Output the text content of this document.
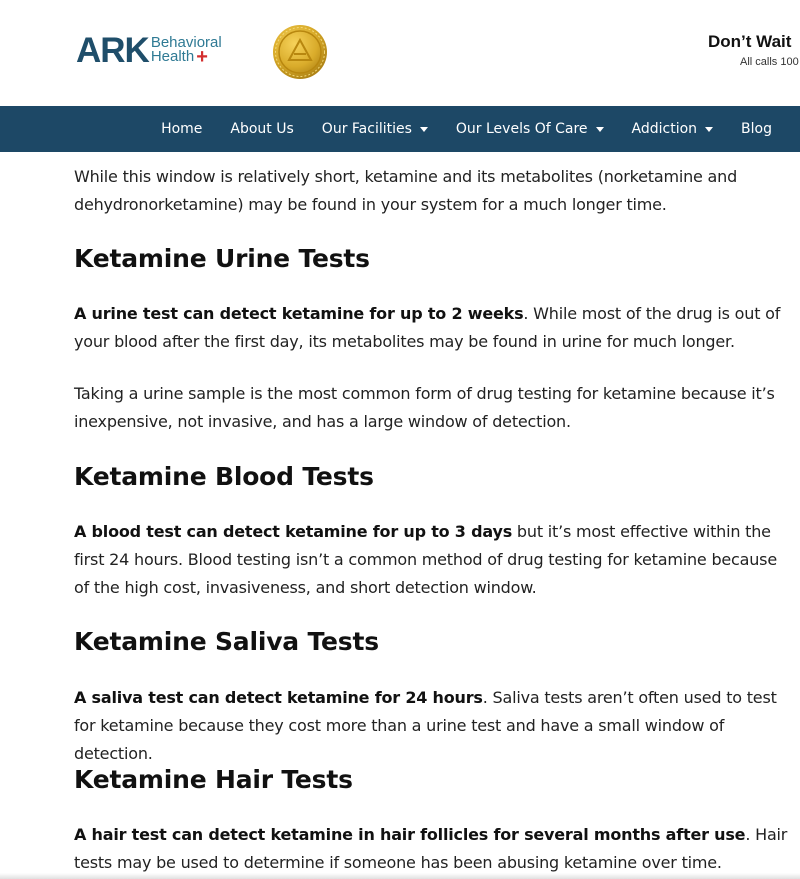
ARK Behavioral
Health +
Don’t Wait
All calls 100
Home About Us Our Facilities	Our Levels Of Care	Addiction	Blog

While this window is relatively short, ketamine and its metabolites (norketamine and dehydronorketamine) may be found in your system for a much longer time.

Ketamine Urine Tests

A urine test can detect ketamine for up to 2 weeks. While most of the drug is out of your blood after the first day, its metabolites may be found in urine for much longer.

Taking a urine sample is the most common form of drug testing for ketamine because it’s inexpensive, not invasive, and has a large window of detection.

Ketamine Blood Tests

A blood test can detect ketamine for up to 3 days but it’s most effective within the first 24 hours. Blood testing isn’t a common method of drug testing for ketamine because of the high cost, invasiveness, and short detection window.

Ketamine Saliva Tests

A saliva test can detect ketamine for 24 hours. Saliva tests aren’t often used to test for ketamine because they cost more than a urine test and have a small window of detection.

Ketamine Hair Tests

A hair test can detect ketamine in hair follicles for several months after use. Hair tests may be used to determine if someone has been abusing ketamine over time.
